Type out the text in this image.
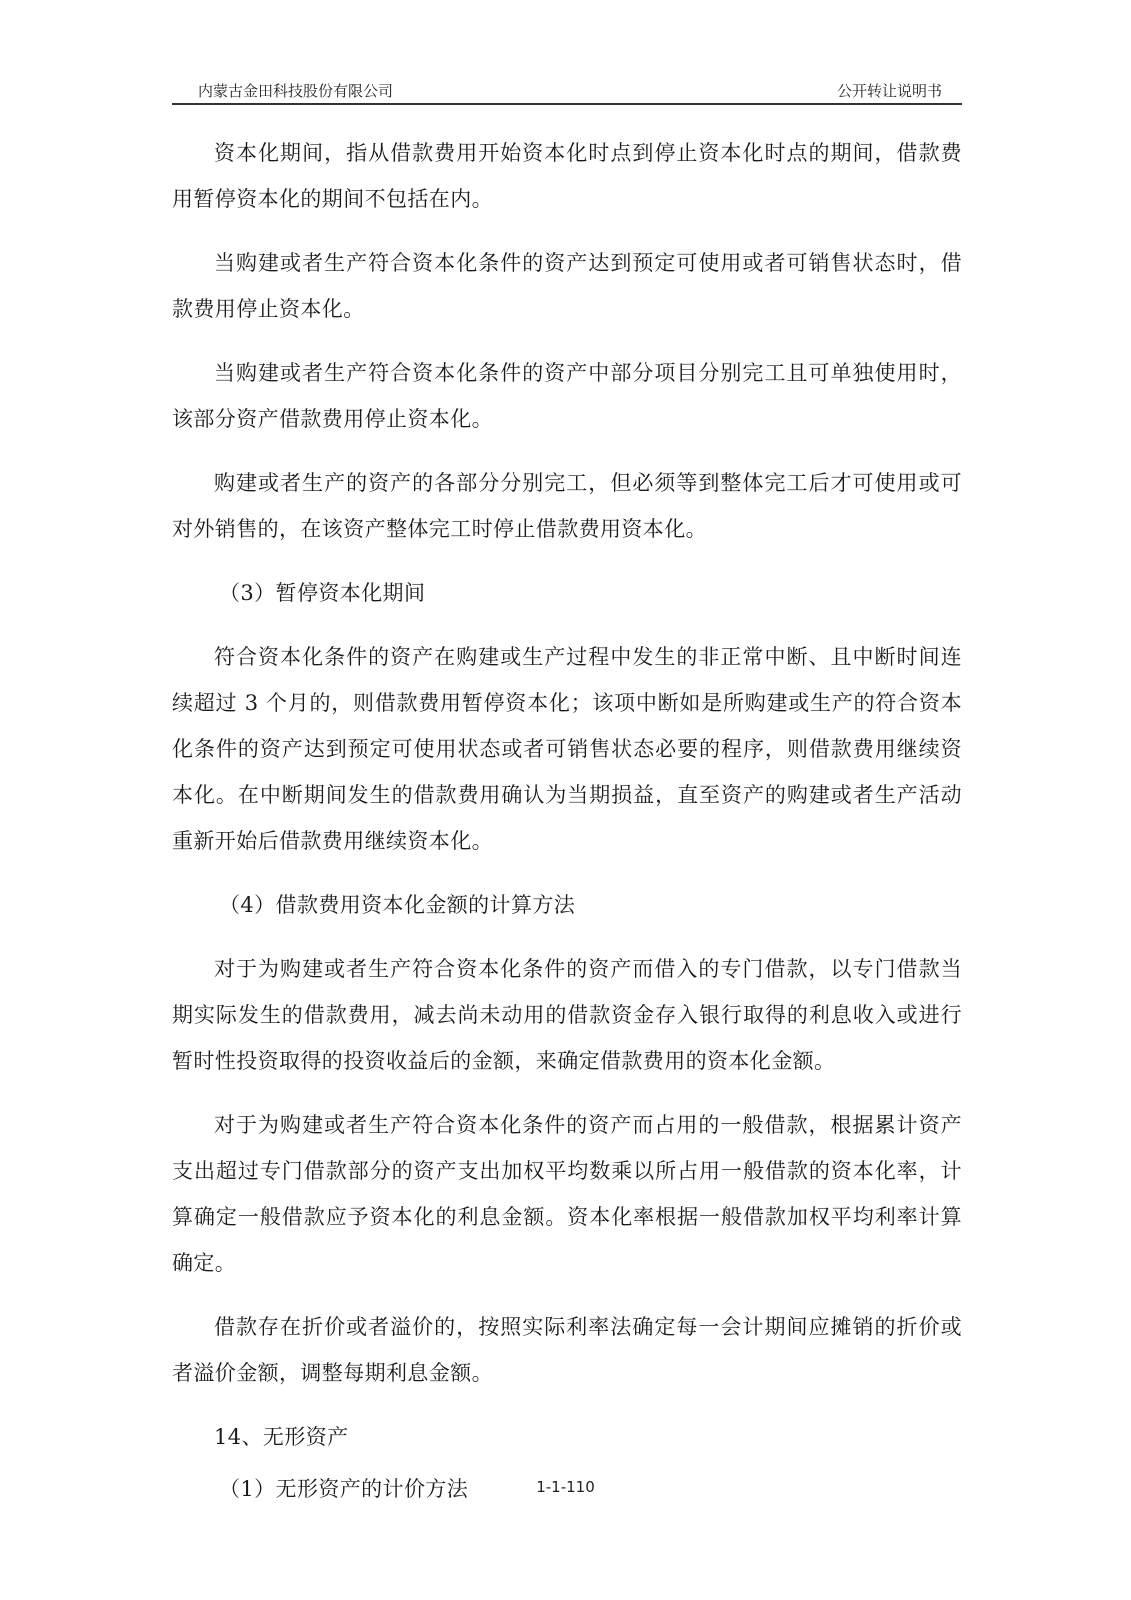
内蒙古金田科技股份有限公司	公开转让说明书

资本化期间，指从借款费用开始资本化时点到停止资本化时点的期间，借款费用暂停资本化的期间不包括在内。

当购建或者生产符合资本化条件的资产达到预定可使用或者可销售状态时，借款费用停止资本化。

当购建或者生产符合资本化条件的资产中部分项目分别完工且可单独使用时，该部分资产借款费用停止资本化。

购建或者生产的资产的各部分分别完工，但必须等到整体完工后才可使用或可对外销售的，在该资产整体完工时停止借款费用资本化。

（3）暂停资本化期间

符合资本化条件的资产在购建或生产过程中发生的非正常中断、且中断时间连续超过 3 个月的，则借款费用暂停资本化；该项中断如是所购建或生产的符合资本化条件的资产达到预定可使用状态或者可销售状态必要的程序，则借款费用继续资本化。在中断期间发生的借款费用确认为当期损益，直至资产的购建或者生产活动重新开始后借款费用继续资本化。

（4）借款费用资本化金额的计算方法

对于为购建或者生产符合资本化条件的资产而借入的专门借款，以专门借款当期实际发生的借款费用，减去尚未动用的借款资金存入银行取得的利息收入或进行暂时性投资取得的投资收益后的金额，来确定借款费用的资本化金额。

对于为购建或者生产符合资本化条件的资产而占用的一般借款，根据累计资产支出超过专门借款部分的资产支出加权平均数乘以所占用一般借款的资本化率，计算确定一般借款应予资本化的利息金额。资本化率根据一般借款加权平均利率计算确定。

借款存在折价或者溢价的，按照实际利率法确定每一会计期间应摊销的折价或者溢价金额，调整每期利息金额。

14、无形资产

（1）无形资产的计价方法	1-1-110
